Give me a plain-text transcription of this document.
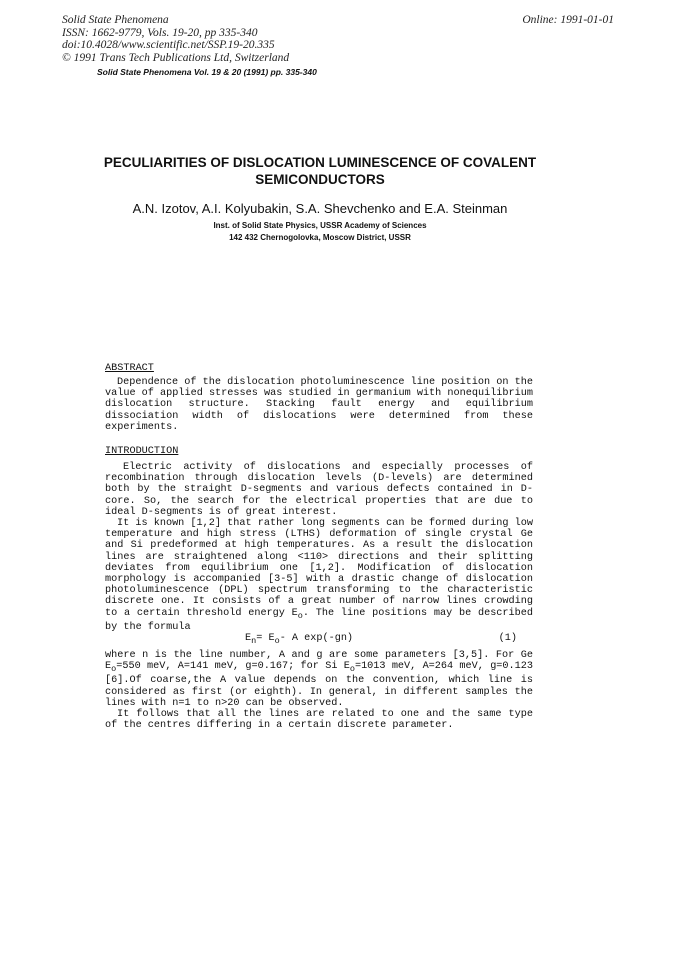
Solid State Phenomena
ISSN: 1662-9779, Vols. 19-20, pp 335-340
doi:10.4028/www.scientific.net/SSP.19-20.335
© 1991 Trans Tech Publications Ltd, Switzerland
Online: 1991-01-01
Solid State Phenomena Vol. 19 & 20 (1991) pp. 335-340
PECULIARITIES OF DISLOCATION LUMINESCENCE OF COVALENT
SEMICONDUCTORS
A.N. Izotov, A.I. Kolyubakin, S.A. Shevchenko and E.A. Steinman
Inst. of Solid State Physics, USSR Academy of Sciences
142 432 Chernogolovka, Moscow District, USSR
ABSTRACT

Dependence of the dislocation photoluminescence line position on the value of applied stresses was studied in germanium with nonequilibrium dislocation structure. Stacking fault energy and equilibrium dissociation width of dislocations were determined from these experiments.

INTRODUCTION

Electric activity of dislocations and especially processes of recombination through dislocation levels (D-levels) are determined both by the straight D-segments and various defects contained in D-core. So, the search for the electrical properties that are due to ideal D-segments is of great interest.

It is known [1,2] that rather long segments can be formed during low temperature and high stress (LTHS) deformation of single crystal Ge and Si predeformed at high temperatures. As a result the dislocation lines are straightened along <110> directions and their splitting deviates from equilibrium one [1,2]. Modification of dislocation morphology is accompanied [3-5] with a drastic change of dislocation photoluminescence (DPL) spectrum transforming to the characteristic discrete one. It consists of a great number of narrow lines crowding to a certain threshold energy $E_o$. The line positions may be described by the formula

$E_n= E_o-$ A exp(-gn)	(1)

where n is the line number, A and g are some parameters [3,5]. For Ge $E_o=550$ meV, A=141 meV, g=0.167; for Si $E_o=1013$ meV, A=264 meV, g=0.123 [6].Of coarse,the A value depends on the convention, which line is considered as first (or eighth). In general, in different samples the lines with n=1 to n>20 can be observed.

It follows that all the lines are related to one and the same type of the centres differing in a certain discrete parameter.
